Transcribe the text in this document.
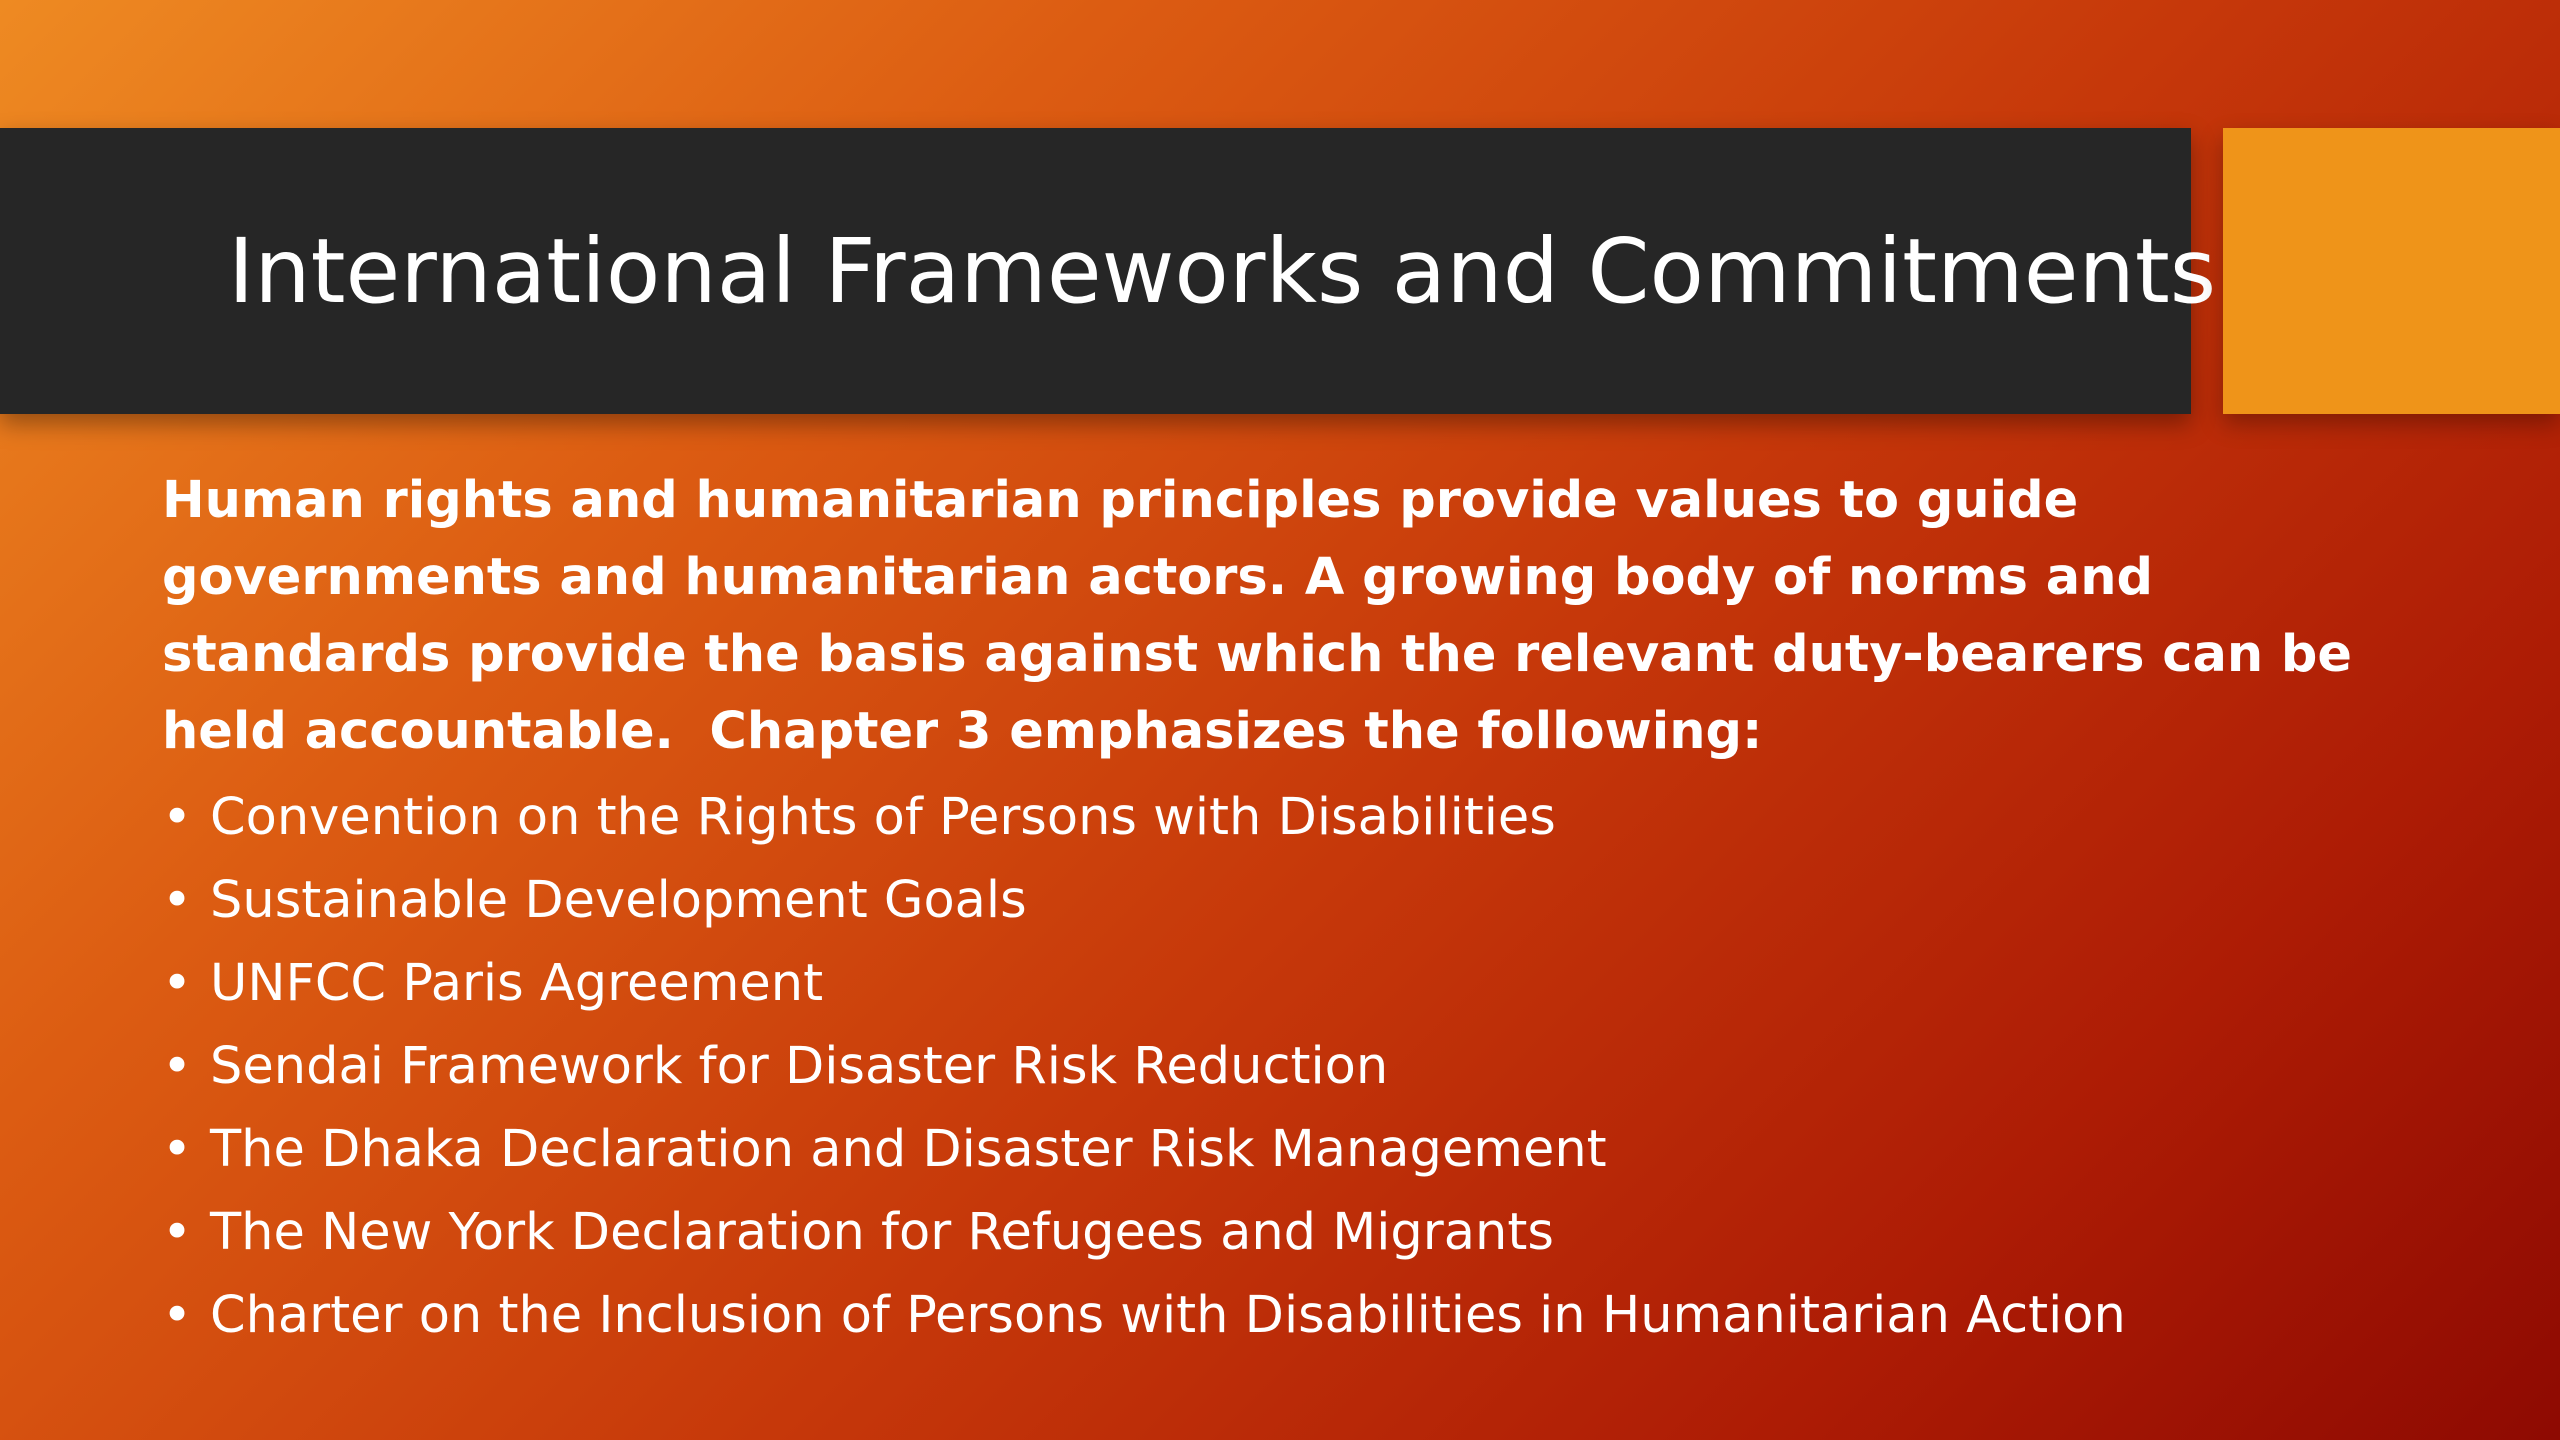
International Frameworks and Commitments

Human rights and humanitarian principles provide values to guide governments and humanitarian actors. A growing body of norms and standards provide the basis against which the relevant duty-bearers can be held accountable.  Chapter 3 emphasizes the following:

• Convention on the Rights of Persons with Disabilities
• Sustainable Development Goals
• UNFCC Paris Agreement
• Sendai Framework for Disaster Risk Reduction
• The Dhaka Declaration and Disaster Risk Management
• The New York Declaration for Refugees and Migrants
• Charter on the Inclusion of Persons with Disabilities in Humanitarian Action
